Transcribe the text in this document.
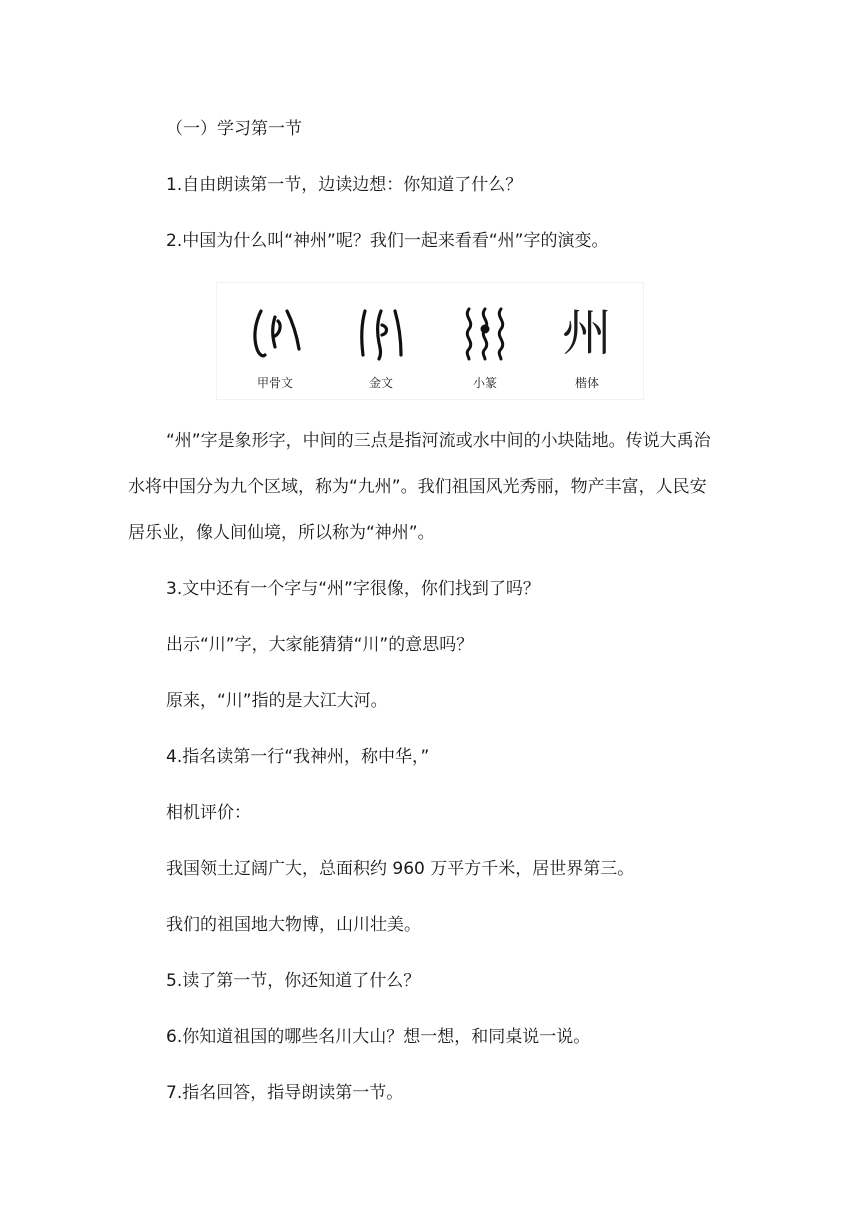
（一）学习第一节
1.自由朗读第一节，边读边想：你知道了什么？
2.中国为什么叫“神州”呢？我们一起来看看“州”字的演变。
州
甲骨文	金文	小篆	楷体
“州”字是象形字，中间的三点是指河流或水中间的小块陆地。传说大禹治
水将中国分为九个区域，称为“九州”。我们祖国风光秀丽，物产丰富，人民安
居乐业，像人间仙境，所以称为“神州”。
3.文中还有一个字与“州”字很像，你们找到了吗？
出示“川”字，大家能猜猜“川”的意思吗？
原来，“川”指的是大江大河。
4.指名读第一行“我神州，称中华，”
相机评价：
我国领土辽阔广大，总面积约 960 万平方千米，居世界第三。
我们的祖国地大物博，山川壮美。
5.读了第一节，你还知道了什么？
6.你知道祖国的哪些名川大山？想一想，和同桌说一说。
7.指名回答，指导朗读第一节。
